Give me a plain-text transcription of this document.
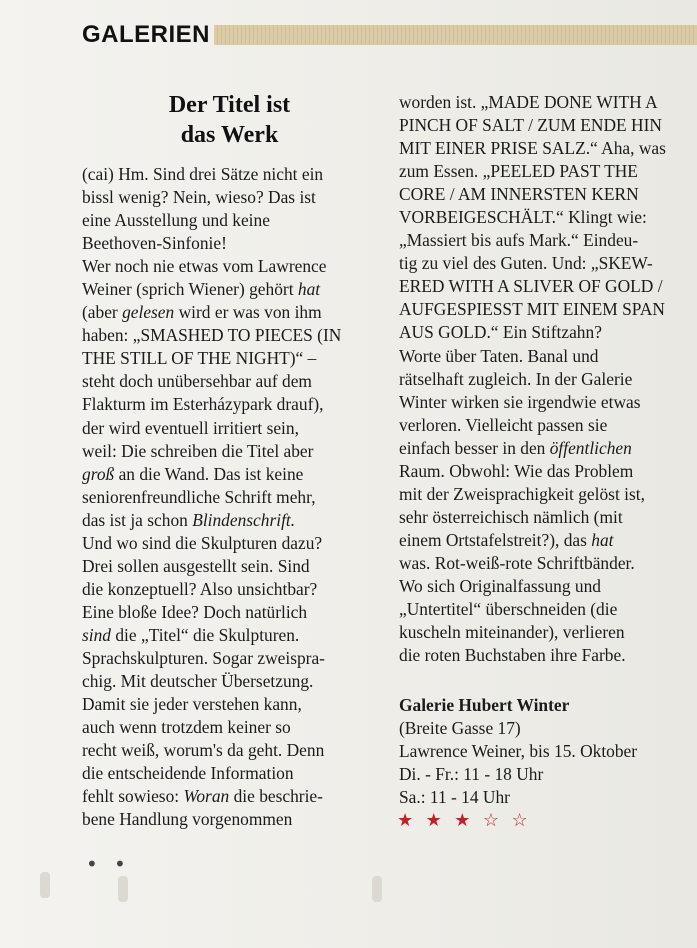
GALERIEN
Der Titel ist
das Werk
(cai) Hm. Sind drei Sätze nicht ein
bissl wenig? Nein, wieso? Das ist
eine Ausstellung und keine
Beethoven-Sinfonie!
Wer noch nie etwas vom Lawrence
Weiner (sprich Wiener) gehört hat
(aber gelesen wird er was von ihm
haben: „SMASHED TO PIECES (IN
THE STILL OF THE NIGHT)“ –
steht doch unübersehbar auf dem
Flakturm im Esterházypark drauf),
der wird eventuell irritiert sein,
weil: Die schreiben die Titel aber
groß an die Wand. Das ist keine
seniorenfreundliche Schrift mehr,
das ist ja schon Blindenschrift.
Und wo sind die Skulpturen dazu?
Drei sollen ausgestellt sein. Sind
die konzeptuell? Also unsichtbar?
Eine bloße Idee? Doch natürlich
sind die „Titel“ die Skulpturen.
Sprachskulpturen. Sogar zweispra-
chig. Mit deutscher Übersetzung.
Damit sie jeder verstehen kann,
auch wenn trotzdem keiner so
recht weiß, worum's da geht. Denn
die entscheidende Information
fehlt sowieso: Woran die beschrie-
bene Handlung vorgenommen
worden ist. „MADE DONE WITH A
PINCH OF SALT / ZUM ENDE HIN
MIT EINER PRISE SALZ.“ Aha, was
zum Essen. „PEELED PAST THE
CORE / AM INNERSTEN KERN
VORBEIGESCHÄLT.“ Klingt wie:
„Massiert bis aufs Mark.“ Eindeu-
tig zu viel des Guten. Und: „SKEW-
ERED WITH A SLIVER OF GOLD /
AUFGESPIESST MIT EINEM SPAN
AUS GOLD.“ Ein Stiftzahn?
Worte über Taten. Banal und
rätselhaft zugleich. In der Galerie
Winter wirken sie irgendwie etwas
verloren. Vielleicht passen sie
einfach besser in den öffentlichen
Raum. Obwohl: Wie das Problem
mit der Zweisprachigkeit gelöst ist,
sehr österreichisch nämlich (mit
einem Ortstafelstreit?), das hat
was. Rot-weiß-rote Schriftbänder.
Wo sich Originalfassung und
„Untertitel“ überschneiden (die
kuscheln miteinander), verlieren
die roten Buchstaben ihre Farbe.
Galerie Hubert Winter
(Breite Gasse 17)
Lawrence Weiner, bis 15. Oktober
Di. - Fr.: 11 - 18 Uhr
Sa.: 11 - 14 Uhr
★ ★ ★ ☆ ☆
• •
